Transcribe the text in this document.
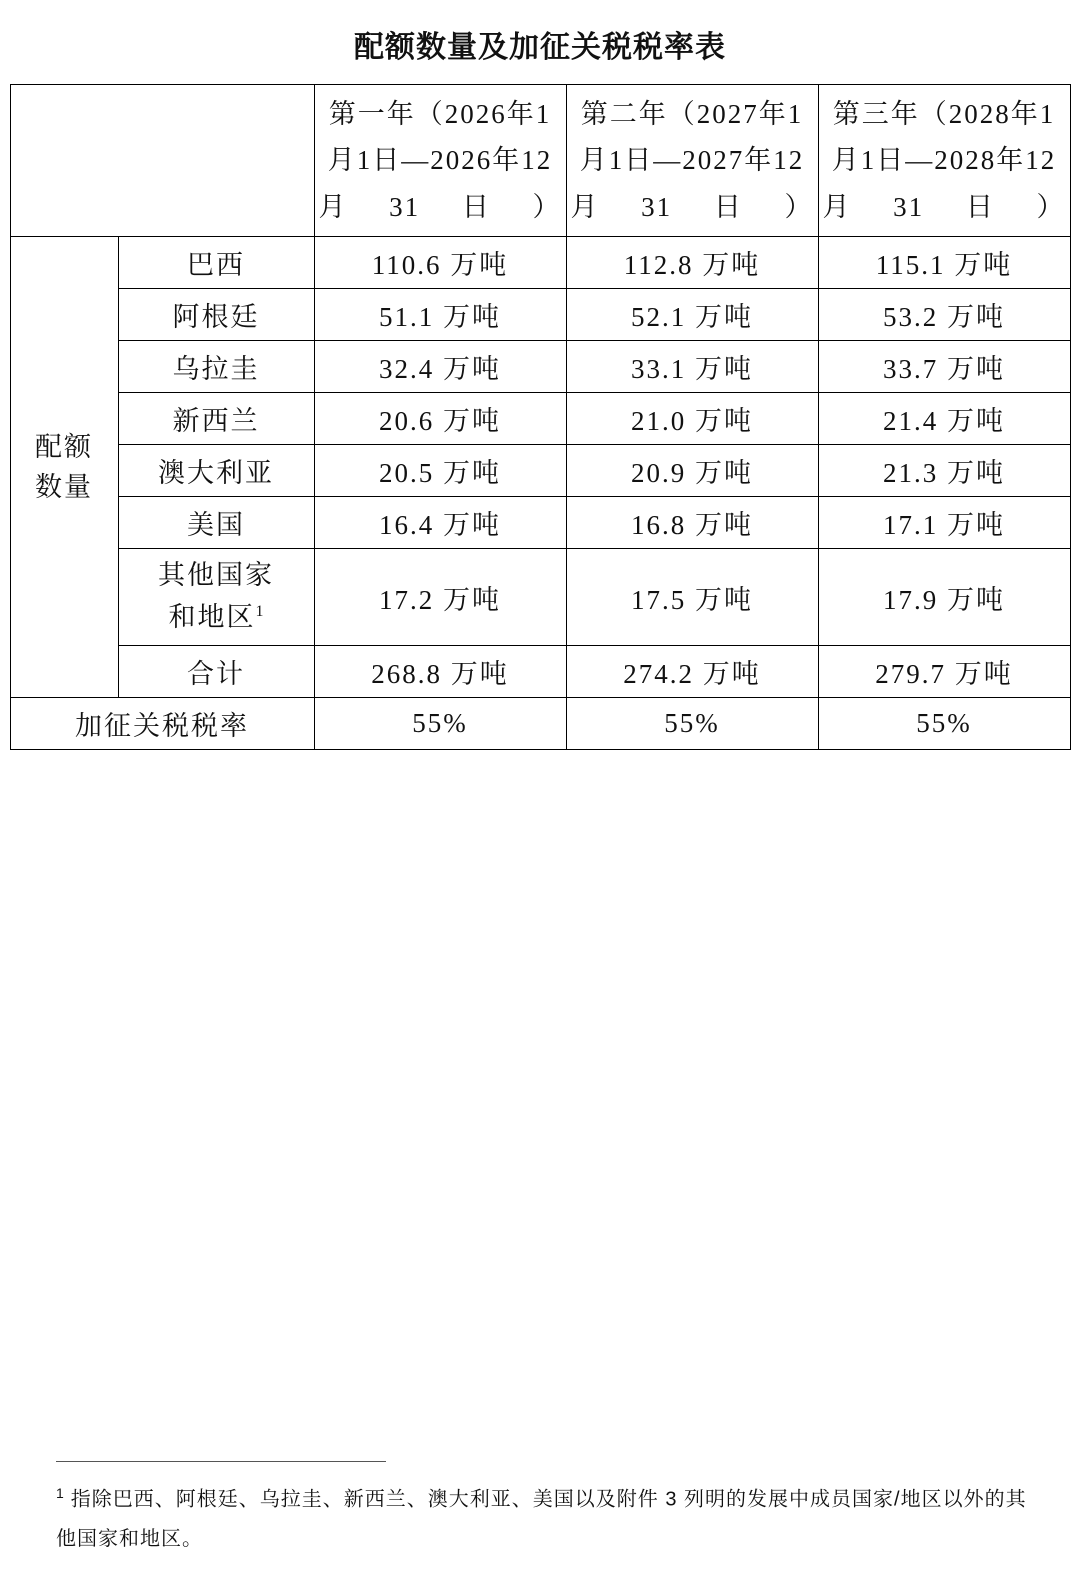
配额数量及加征关税税率表
		第一年（2026年1月1日—2026年12月31日）	第二年（2027年1月1日—2027年12月31日）	第三年（2028年1月1日—2028年12月31日）

配额
数量	巴西	110.6 万吨	112.8 万吨	115.1 万吨
	阿根廷	51.1 万吨	52.1 万吨	53.2 万吨
	乌拉圭	32.4 万吨	33.1 万吨	33.7 万吨
	新西兰	20.6 万吨	21.0 万吨	21.4 万吨
	澳大利亚	20.5 万吨	20.9 万吨	21.3 万吨
	美国	16.4 万吨	16.8 万吨	17.1 万吨

	其他国家
和地区$^1$	17.2 万吨	17.5 万吨	17.9 万吨
	合计	268.8 万吨	274.2 万吨	279.7 万吨
加征关税税率		55%	55%	55%
$^1$ 指除巴西、阿根廷、乌拉圭、新西兰、澳大利亚、美国以及附件 3 列明的发展中成员国家/地区以外的其他国家和地区。
